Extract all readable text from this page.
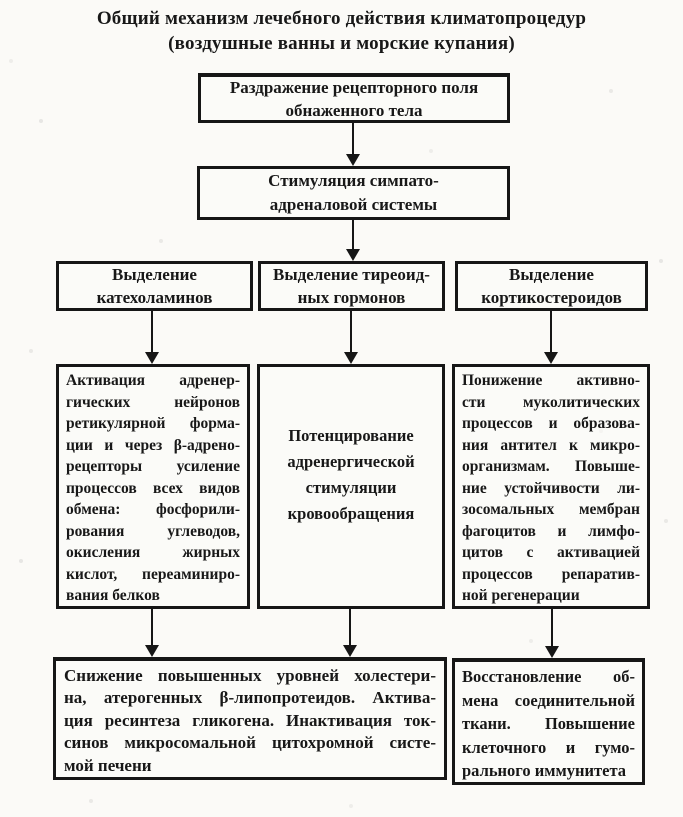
Общий механизм лечебного действия климатопроцедур
(воздушные ванны и морские купания)
Раздражение рецепторного поля
обнаженного тела
Стимуляция симпато-
адреналовой системы
Выделение
катехоламинов
Выделение тиреоид-
ных гормонов
Выделение
кортикостероидов
Активация адренер-
гических нейронов
ретикулярной форма-
ции и через β-адрено-
рецепторы усиление
процессов всех видов
обмена: фосфорили-
рования углеводов,
окисления жирных
кислот, переаминиро-
вания белков
Потенцирование
адренергической
стимуляции
кровообращения
Понижение активно-
сти муколитических
процессов и образова-
ния антител к микро-
организмам. Повыше-
ние устойчивости ли-
зосомальных мембран
фагоцитов и лимфо-
цитов с активацией
процессов репаратив-
ной регенерации
Снижение повышенных уровней холестери-
на, атерогенных β-липопротеидов. Актива-
ция ресинтеза гликогена. Инактивация ток-
синов микросомальной цитохромной систе-
мой печени
Восстановление об-
мена соединительной
ткани. Повышение
клеточного и гумо-
рального иммунитета
